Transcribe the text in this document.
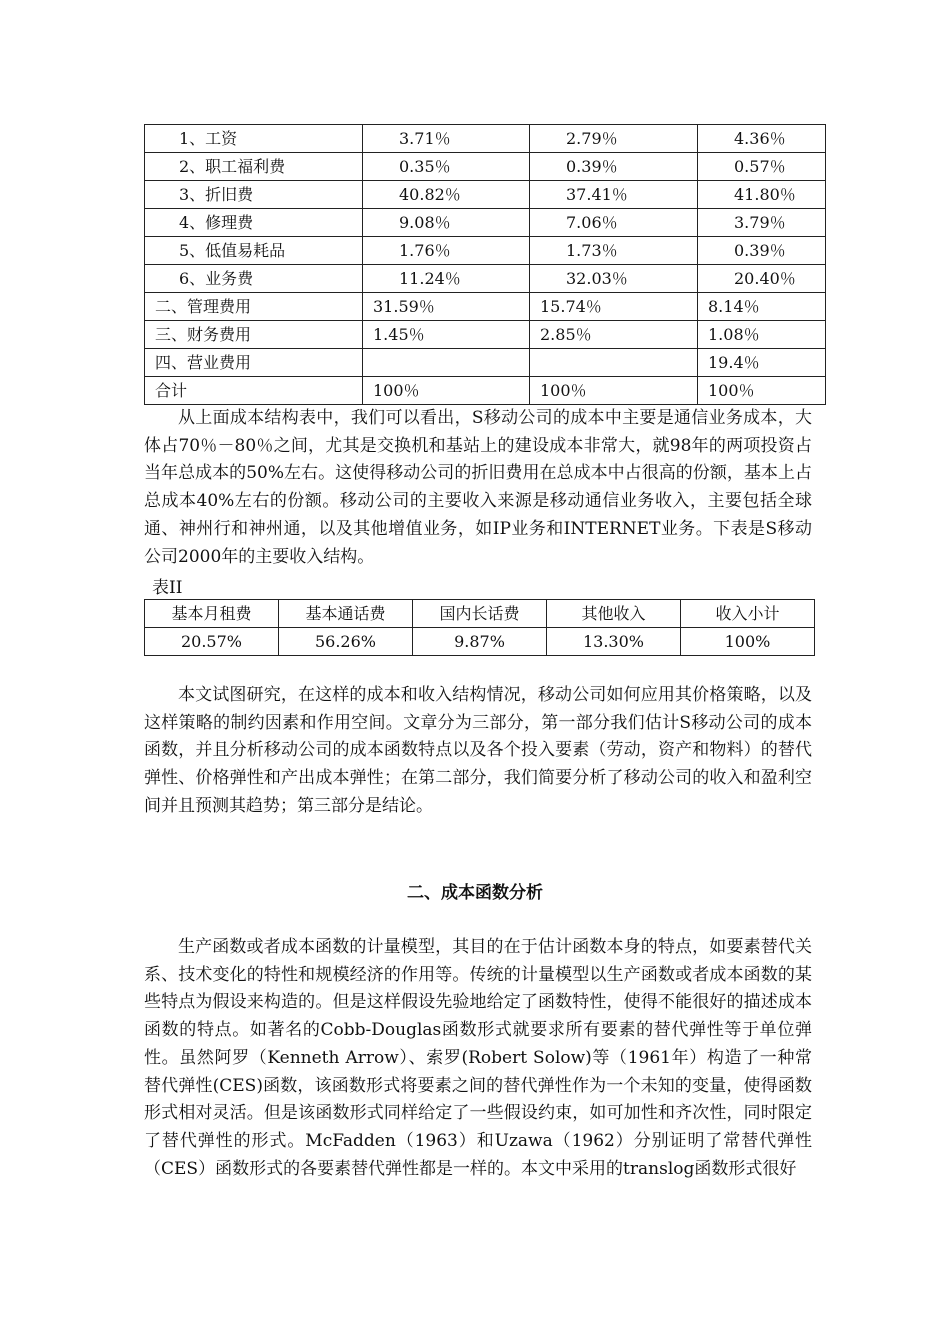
1、工资	3.71％	2.79％	4.36％
2、职工福利费	0.35％	0.39％	0.57％
3、折旧费	40.82％	37.41％	41.80％
4、修理费	9.08％	7.06％	3.79％
5、低值易耗品	1.76％	1.73％	0.39％
6、业务费	11.24％	32.03％	20.40％
二、管理费用	31.59％	15.74％	8.14％
三、财务费用	1.45％	2.85％	1.08％
四、营业费用			19.4％
合计	100％	100％	100％

从上面成本结构表中，我们可以看出，S移动公司的成本中主要是通信业务成本，大体占70％－80％之间，尤其是交换机和基站上的建设成本非常大，就98年的两项投资占当年总成本的50%左右。这使得移动公司的折旧费用在总成本中占很高的份额，基本上占总成本40%左右的份额。移动公司的主要收入来源是移动通信业务收入，主要包括全球通、神州行和神州通，以及其他增值业务，如IP业务和INTERNET业务。下表是S移动公司2000年的主要收入结构。

表II

基本月租费	基本通话费	国内长话费	其他收入	收入小计
20.57%	56.26%	9.87%	13.30%	100%

本文试图研究，在这样的成本和收入结构情况，移动公司如何应用其价格策略，以及这样策略的制约因素和作用空间。文章分为三部分，第一部分我们估计S移动公司的成本函数，并且分析移动公司的成本函数特点以及各个投入要素（劳动，资产和物料）的替代弹性、价格弹性和产出成本弹性；在第二部分，我们简要分析了移动公司的收入和盈利空间并且预测其趋势；第三部分是结论。

二、成本函数分析

生产函数或者成本函数的计量模型，其目的在于估计函数本身的特点，如要素替代关系、技术变化的特性和规模经济的作用等。传统的计量模型以生产函数或者成本函数的某些特点为假设来构造的。但是这样假设先验地给定了函数特性，使得不能很好的描述成本函数的特点。如著名的Cobb-Douglas函数形式就要求所有要素的替代弹性等于单位弹性。虽然阿罗（Kenneth Arrow）、索罗(Robert Solow)等（1961年）构造了一种常替代弹性(CES)函数，该函数形式将要素之间的替代弹性作为一个未知的变量，使得函数形式相对灵活。但是该函数形式同样给定了一些假设约束，如可加性和齐次性，同时限定了替代弹性的形式。McFadden（1963）和Uzawa（1962）分别证明了常替代弹性（CES）函数形式的各要素替代弹性都是一样的。本文中采用的translog函数形式很好
